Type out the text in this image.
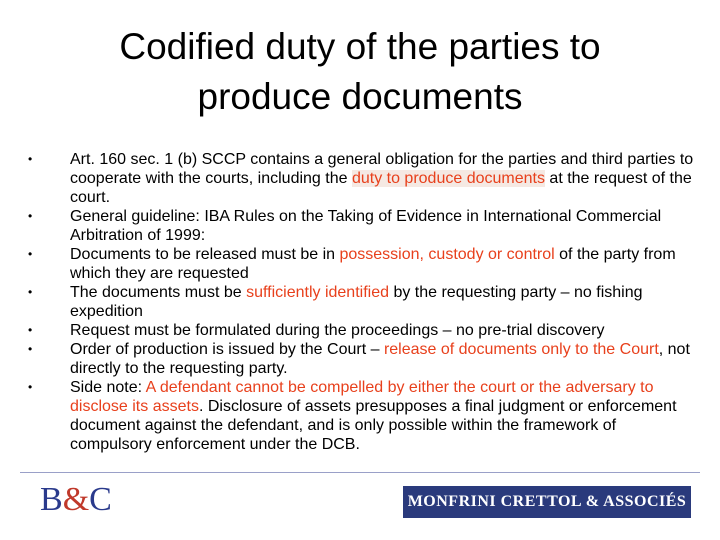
Codified duty of the parties to
produce documents
• Art. 160 sec. 1 (b) SCCP contains a general obligation for the parties and third parties to cooperate with the courts, including the duty to produce documents at the request of the court.
• General guideline: IBA Rules on the Taking of Evidence in International Commercial Arbitration of 1999:
• Documents to be released must be in possession, custody or control of the party from which they are requested
• The documents must be sufficiently identified by the requesting party – no fishing expedition
• Request must be formulated during the proceedings – no pre-trial discovery
• Order of production is issued by the Court – release of documents only to the Court, not directly to the requesting party.
• Side note: A defendant cannot be compelled by either the court or the adversary to disclose its assets. Disclosure of assets presupposes a final judgment or enforcement document against the defendant, and is only possible within the framework of compulsory enforcement under the DCB.
B&C	MONFRINI CRETTOL & ASSOCIÉS
